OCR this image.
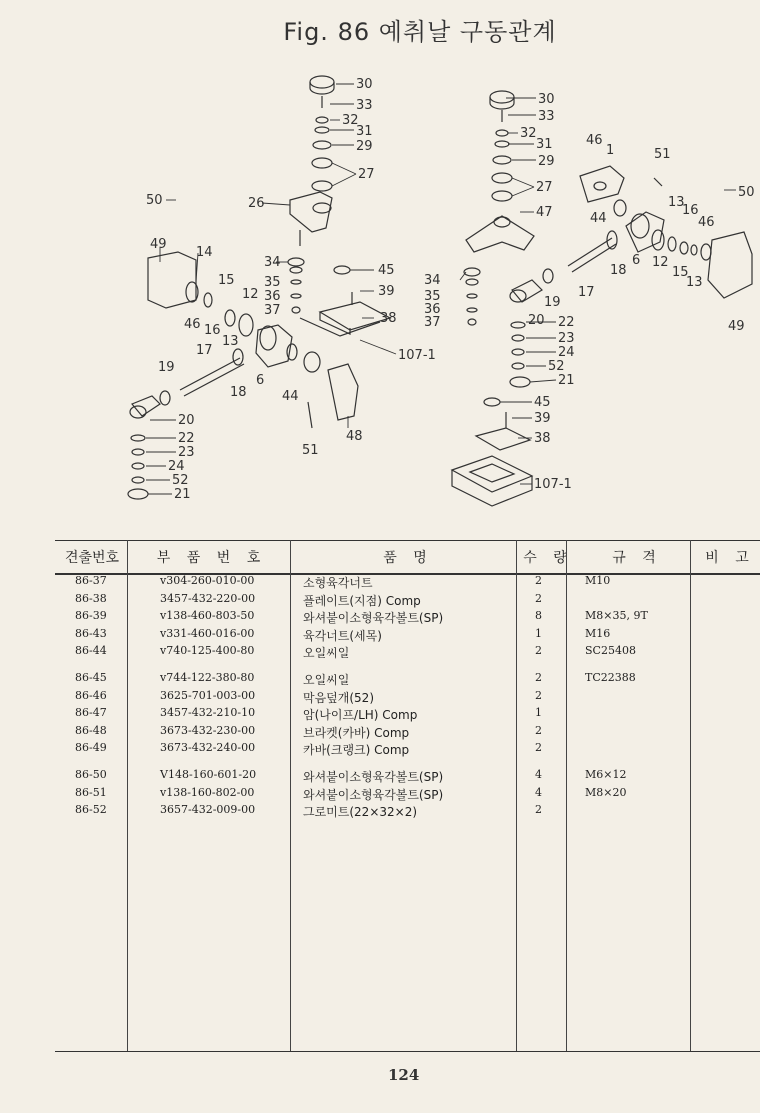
Fig. 86 예취날 구동관계
30
33
32
31
29
27
50	26
49
14
34
45
35
39
15
36
12
37
38
13
46 16
107-1
17
19
18
6
44
20
48
22
23
24
51
52
21
30
33
32
31
29
27
47
46
1	51
50
44
13
16
46
34
12
15
13
35
36
37
18
6
17
20
19
22
23
24
52
21
45
39
38
49
107-1
견출번호	부 품 번 호	품 명	수 량	규 격	비 고
86-37	v304-260-010-00	소형육각너트	2	M10
86-38	3457-432-220-00	플레이트(지점) Comp	2
86-39	v138-460-803-50	와셔붙이소형육각볼트(SP)	8	M8×35, 9T
86-43	v331-460-016-00	육각너트(세목)	1	M16
86-44	v740-125-400-80	오일씨일	2	SC25408
86-45	v744-122-380-80	오일씨일	2	TC22388
86-46	3625-701-003-00	막음덮개(52)	2
86-47	3457-432-210-10	암(나이프/LH) Comp	1
86-48	3673-432-230-00	브라켓(카바) Comp	2
86-49	3673-432-240-00	카바(크랭크) Comp	2
86-50	V148-160-601-20	와셔붙이소형육각볼트(SP)	4	M6×12
86-51	v138-160-802-00	와셔붙이소형육각볼트(SP)	4	M8×20
86-52	3657-432-009-00	그로미트(22×32×2)	2
124
